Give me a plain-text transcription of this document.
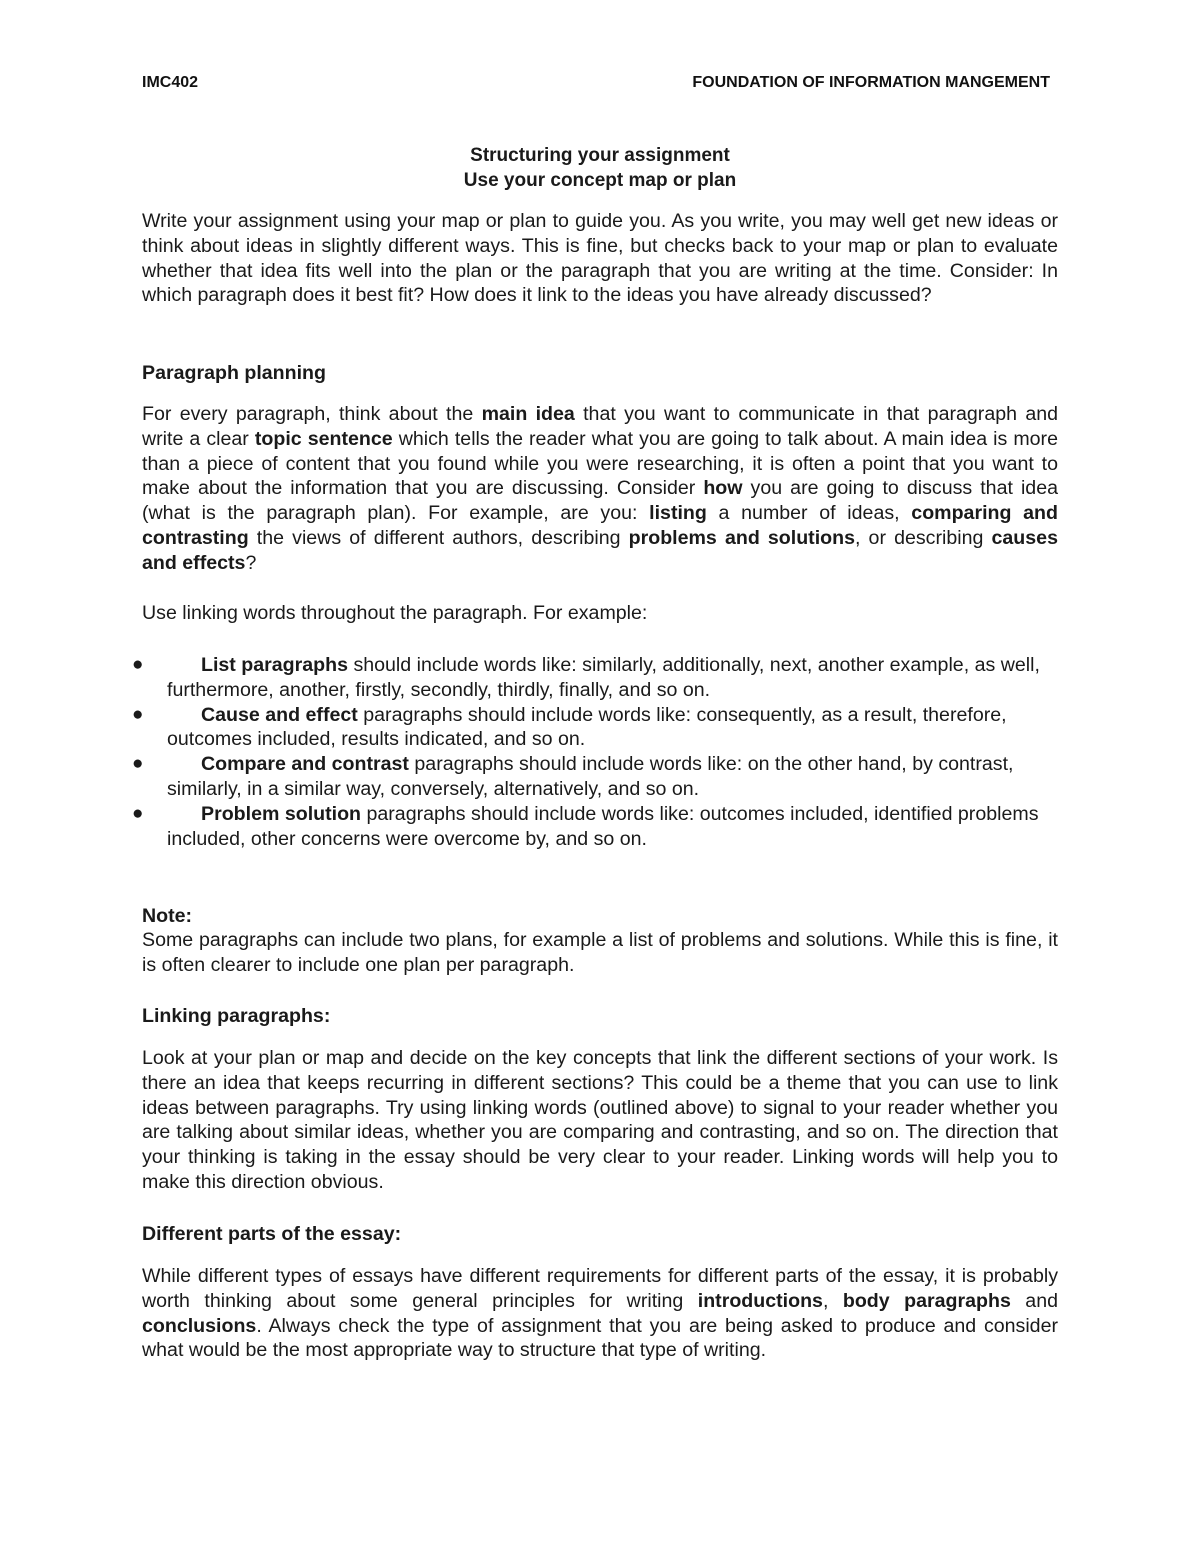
IMC402	FOUNDATION OF INFORMATION MANGEMENT
Structuring your assignment
Use your concept map or plan

Write your assignment using your map or plan to guide you. As you write, you may well get new ideas or think about ideas in slightly different ways. This is fine, but checks back to your map or plan to evaluate whether that idea fits well into the plan or the paragraph that you are writing at the time. Consider: In which paragraph does it best fit? How does it link to the ideas you have already discussed?

Paragraph planning

For every paragraph, think about the main idea that you want to communicate in that paragraph and write a clear topic sentence which tells the reader what you are going to talk about. A main idea is more than a piece of content that you found while you were researching, it is often a point that you want to make about the information that you are discussing. Consider how you are going to discuss that idea (what is the paragraph plan). For example, are you: listing a number of ideas, comparing and contrasting the views of different authors, describing problems and solutions, or describing causes and effects?

Use linking words throughout the paragraph. For example:

●	List paragraphs should include words like: similarly, additionally, next, another example, as well, furthermore, another, firstly, secondly, thirdly, finally, and so on.
●	Cause and effect paragraphs should include words like: consequently, as a result, therefore, outcomes included, results indicated, and so on.
●	Compare and contrast paragraphs should include words like: on the other hand, by contrast, similarly, in a similar way, conversely, alternatively, and so on.
●	Problem solution paragraphs should include words like: outcomes included, identified problems included, other concerns were overcome by, and so on.
Note:

Some paragraphs can include two plans, for example a list of problems and solutions. While this is fine, it is often clearer to include one plan per paragraph.

Linking paragraphs:

Look at your plan or map and decide on the key concepts that link the different sections of your work. Is there an idea that keeps recurring in different sections? This could be a theme that you can use to link ideas between paragraphs. Try using linking words (outlined above) to signal to your reader whether you are talking about similar ideas, whether you are comparing and contrasting, and so on. The direction that your thinking is taking in the essay should be very clear to your reader. Linking words will help you to make this direction obvious.

Different parts of the essay:

While different types of essays have different requirements for different parts of the essay, it is probably worth thinking about some general principles for writing introductions, body paragraphs and conclusions. Always check the type of assignment that you are being asked to produce and consider what would be the most appropriate way to structure that type of writing.
